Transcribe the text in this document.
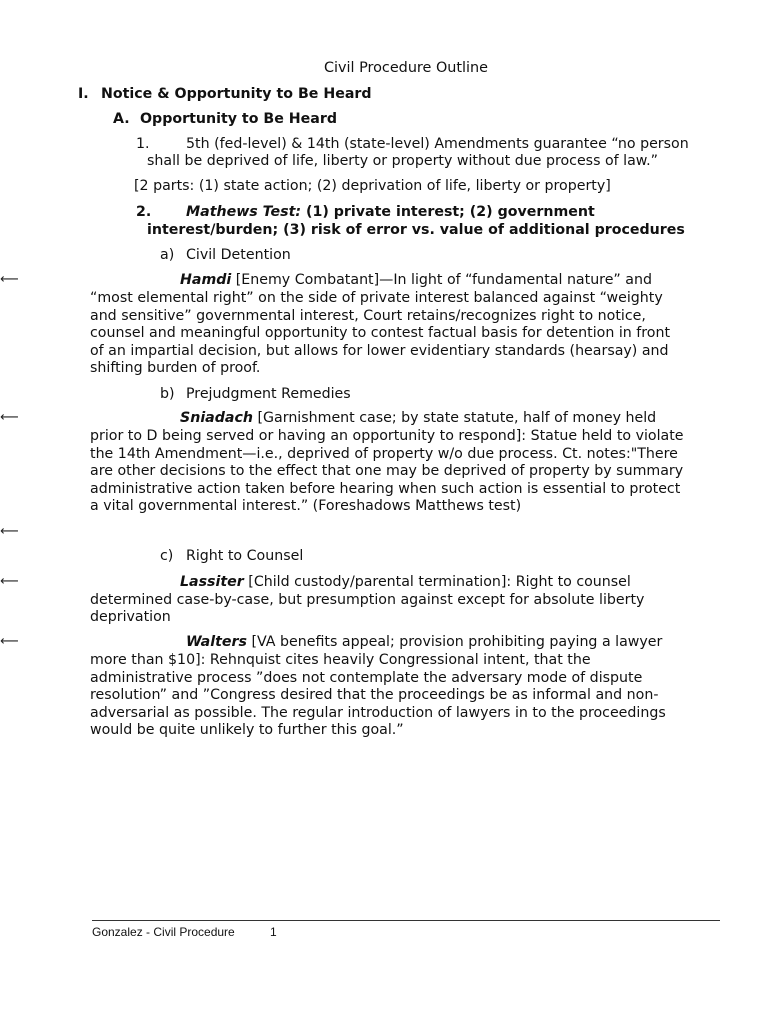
Civil Procedure Outline
I. Notice & Opportunity to Be Heard
A. Opportunity to Be Heard
1.	5th (fed-level) & 14th (state-level) Amendments guarantee “no person
shall be deprived of life, liberty or property without due process of law.”
[2 parts: (1) state action; (2) deprivation of life, liberty or property]
2. Mathews Test: (1) private interest; (2) government
interest/burden; (3) risk of error vs. value of additional procedures
a) Civil Detention
⟵	Hamdi [Enemy Combatant]—In light of “fundamental nature” and
“most elemental right” on the side of private interest balanced against “weighty
and sensitive” governmental interest, Court retains/recognizes right to notice,
counsel and meaningful opportunity to contest factual basis for detention in front
of an impartial decision, but allows for lower evidentiary standards (hearsay) and
shifting burden of proof.
b) Prejudgment Remedies
⟵	Sniadach [Garnishment case; by state statute, half of money held
prior to D being served or having an opportunity to respond]: Statue held to violate
the 14th Amendment—i.e., deprived of property w/o due process. Ct. notes:"There
are other decisions to the effect that one may be deprived of property by summary
administrative action taken before hearing when such action is essential to protect
a vital governmental interest.” (Foreshadows Matthews test)
⟵
c) Right to Counsel
⟵	Lassiter [Child custody/parental termination]: Right to counsel
determined case-by-case, but presumption against except for absolute liberty
deprivation
⟵	Walters [VA benefits appeal; provision prohibiting paying a lawyer
more than $10]: Rehnquist cites heavily Congressional intent, that the
administrative process ”does not contemplate the adversary mode of dispute
resolution” and ”Congress desired that the proceedings be as informal and non-
adversarial as possible. The regular introduction of lawyers in to the proceedings
would be quite unlikely to further this goal.”
Gonzalez - Civil Procedure	1
